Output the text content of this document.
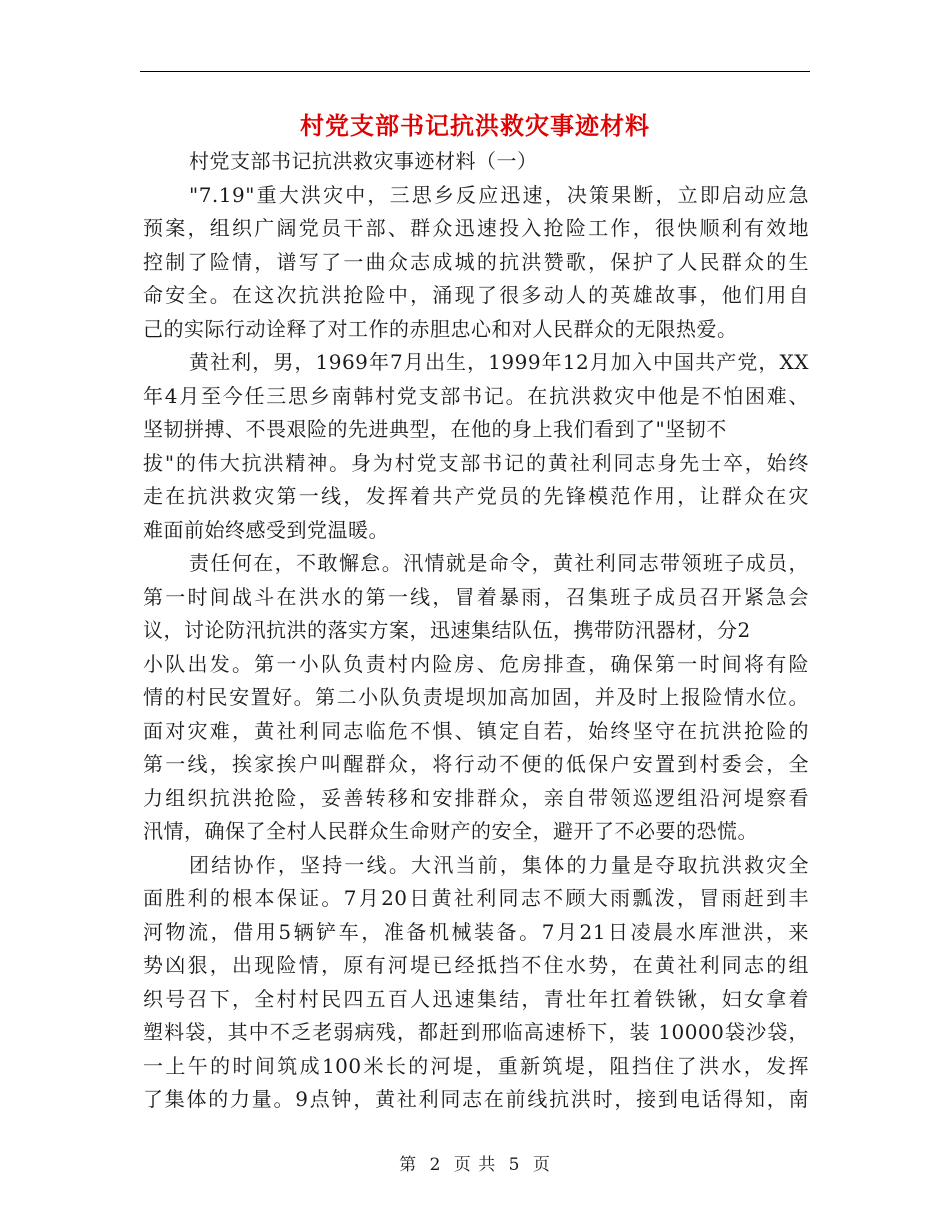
村党支部书记抗洪救灾事迹材料
村党支部书记抗洪救灾事迹材料（一）
"7.19"重大洪灾中，三思乡反应迅速，决策果断，立即启动应急
预案，组织广阔党员干部、群众迅速投入抢险工作，很快顺利有效地
控制了险情，谱写了一曲众志成城的抗洪赞歌，保护了人民群众的生
命安全。在这次抗洪抢险中，涌现了很多动人的英雄故事，他们用自
己的实际行动诠释了对工作的赤胆忠心和对人民群众的无限热爱。
黄社利，男，1969年7月出生，1999年12月加入中国共产党，XX
年4月至今任三思乡南韩村党支部书记。在抗洪救灾中他是不怕困难、
坚韧拼搏、不畏艰险的先进典型，在他的身上我们看到了"坚韧不
拔"的伟大抗洪精神。身为村党支部书记的黄社利同志身先士卒，始终
走在抗洪救灾第一线，发挥着共产党员的先锋模范作用，让群众在灾
难面前始终感受到党温暖。
责任何在，不敢懈怠。汛情就是命令，黄社利同志带领班子成员，
第一时间战斗在洪水的第一线，冒着暴雨，召集班子成员召开紧急会
议，讨论防汛抗洪的落实方案，迅速集结队伍，携带防汛器材，分2
小队出发。第一小队负责村内险房、危房排查，确保第一时间将有险
情的村民安置好。第二小队负责堤坝加高加固，并及时上报险情水位。
面对灾难，黄社利同志临危不惧、镇定自若，始终坚守在抗洪抢险的
第一线，挨家挨户叫醒群众，将行动不便的低保户安置到村委会，全
力组织抗洪抢险，妥善转移和安排群众，亲自带领巡逻组沿河堤察看
汛情，确保了全村人民群众生命财产的安全，避开了不必要的恐慌。
团结协作，坚持一线。大汛当前，集体的力量是夺取抗洪救灾全
面胜利的根本保证。7月20日黄社利同志不顾大雨瓢泼，冒雨赶到丰
河物流，借用5辆铲车，准备机械装备。7月21日凌晨水库泄洪，来
势凶狠，出现险情，原有河堤已经抵挡不住水势，在黄社利同志的组
织号召下，全村村民四五百人迅速集结，青壮年扛着铁锹，妇女拿着
塑料袋，其中不乏老弱病残，都赶到邢临高速桥下，装 10000袋沙袋，
一上午的时间筑成100米长的河堤，重新筑堤，阻挡住了洪水，发挥
了集体的力量。9点钟，黄社利同志在前线抗洪时，接到电话得知，南
第 2 页 共 5 页
